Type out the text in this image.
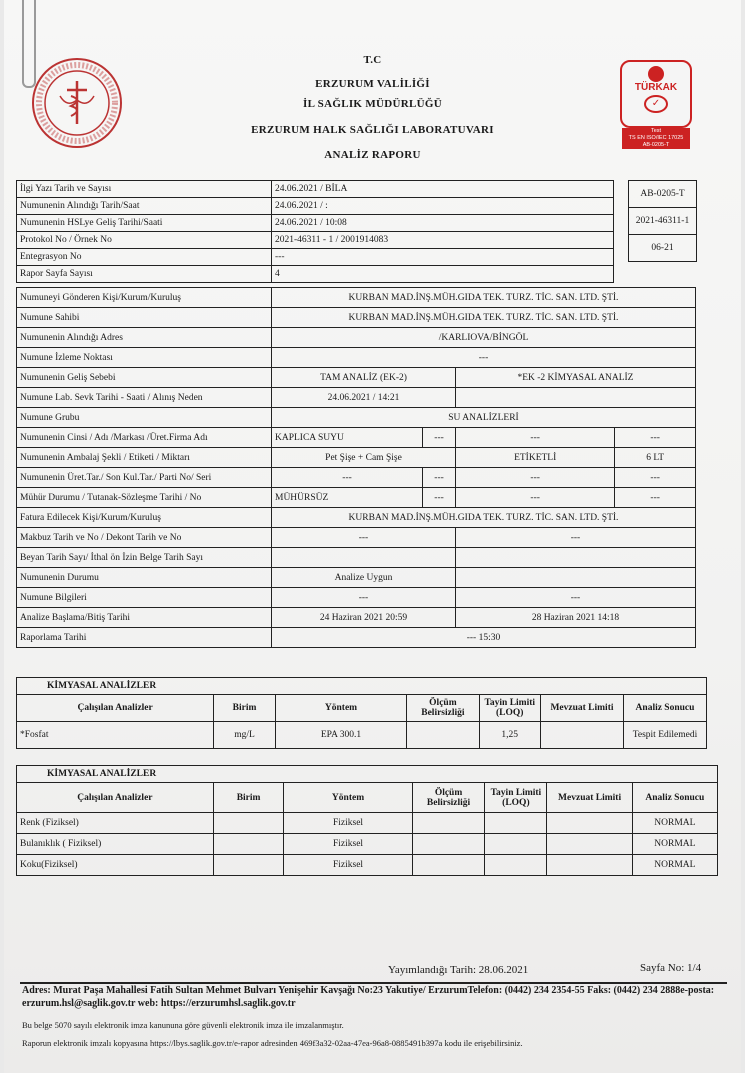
T.C
ERZURUM VALİLİĞİ
İL SAĞLIK MÜDÜRLÜĞÜ
ERZURUM HALK SAĞLIĞI LABORATUVARI
ANALİZ RAPORU
TÜRKAK
✓
Test
TS EN ISO/IEC 17025
AB-0205-T
İlgi Yazı Tarih ve Sayısı	24.06.2021 / BİLA
Numunenin Alındığı Tarih/Saat	24.06.2021 / :
Numunenin HSLye Geliş Tarihi/Saati	24.06.2021 / 10:08
Protokol No / Örnek No	2021-46311 - 1 / 2001914083
Entegrasyon No	---
Rapor Sayfa Sayısı	4
AB-0205-T
2021-46311-1
06-21
Numuneyi Gönderen Kişi/Kurum/Kuruluş	KURBAN MAD.İNŞ.MÜH.GIDA TEK. TURZ. TİC. SAN. LTD. ŞTİ.			
Numune Sahibi	KURBAN MAD.İNŞ.MÜH.GIDA TEK. TURZ. TİC. SAN. LTD. ŞTİ.			
Numunenin Alındığı Adres	/KARLIOVA/BİNGÖL			
Numune İzleme Noktası	---			
Numunenin Geliş Sebebi	TAM ANALİZ (EK-2)		*EK -2 KİMYASAL ANALİZ	
Numune Lab. Sevk Tarihi - Saati / Alınış Neden	24.06.2021 / 14:21			
Numune Grubu	SU ANALİZLERİ			
Numunenin Cinsi / Adı /Markası /Üret.Firma Adı	KAPLICA SUYU	---	---	---
Numunenin Ambalaj Şekli / Etiketi / Miktarı	Pet Şişe + Cam Şişe		ETİKETLİ	6 LT
Numunenin Üret.Tar./ Son Kul.Tar./ Parti No/ Seri	---	---	---	---
Mühür Durumu / Tutanak-Sözleşme Tarihi / No	MÜHÜRSÜZ	---	---	---
Fatura Edilecek Kişi/Kurum/Kuruluş	KURBAN MAD.İNŞ.MÜH.GIDA TEK. TURZ. TİC. SAN. LTD. ŞTİ.			
Makbuz Tarih ve No / Dekont Tarih ve No	---		---	
Beyan Tarih Sayı/ İthal ön İzin Belge Tarih Sayı				
Numunenin Durumu	Analize Uygun			
Numune Bilgileri	---		---	
Analize Başlama/Bitiş Tarihi	24 Haziran 2021 20:59		28 Haziran 2021 14:18	
Raporlama Tarihi	--- 15:30			
KİMYASAL ANALİZLER						
Çalışılan Analizler	Birim	Yöntem	Ölçüm Belirsizliği	Tayin Limiti (LOQ)	Mevzuat Limiti	Analiz Sonucu
*Fosfat	mg/L	EPA 300.1		1,25		Tespit Edilemedi
KİMYASAL ANALİZLER						
Çalışılan Analizler	Birim	Yöntem	Ölçüm Belirsizliği	Tayin Limiti (LOQ)	Mevzuat Limiti	Analiz Sonucu
Renk (Fiziksel)		Fiziksel				NORMAL
Bulanıklık ( Fiziksel)		Fiziksel				NORMAL
Koku(Fiziksel)		Fiziksel				NORMAL
Yayımlandığı Tarih: 28.06.2021	Sayfa No: 1/4
Adres: Murat Paşa Mahallesi Fatih Sultan Mehmet Bulvarı Yenişehir Kavşağı No:23 Yakutiye/ ErzurumTelefon: (0442) 234 2354-55 Faks: (0442) 234 2888e-posta: erzurum.hsl@saglik.gov.tr web: https://erzurumhsl.saglik.gov.tr
Bu belge 5070 sayılı elektronik imza kanununa göre güvenli elektronik imza ile imzalanmıştır.
Raporun elektronik imzalı kopyasına https://lbys.saglik.gov.tr/e-rapor adresinden 469f3a32-02aa-47ea-96a8-0885491b397a kodu ile erişebilirsiniz.
